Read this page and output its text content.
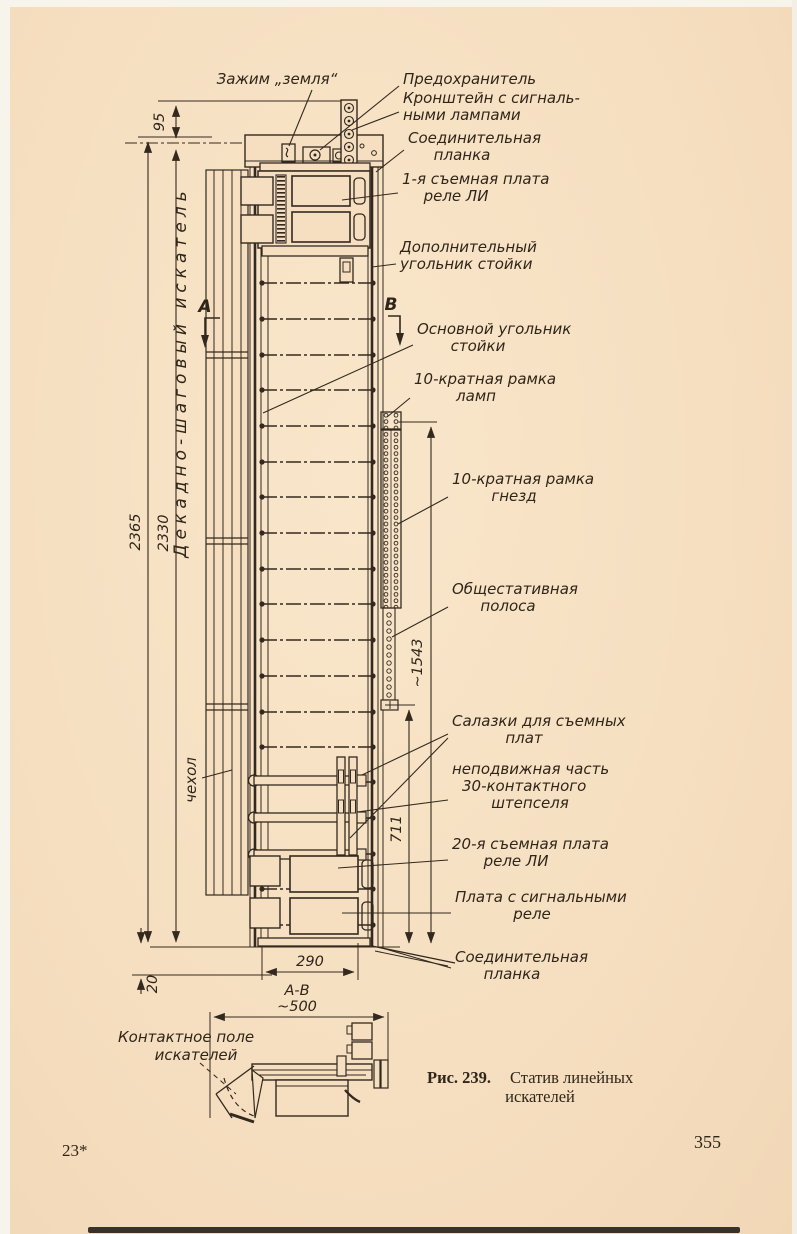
A	B
Зажим „земля“	Предохранитель
Кронштейн с сигналь-
ными лампами
Соединительная
планка
1-я съемная плата
реле ЛИ
Дополнительный
угольник стойки
Основной угольник
стойки
10-кратная рамка
ламп
10-кратная рамка
гнезд
Общестативная
полоса
Салазки для съемных
плат
неподвижная часть
30-контактного
штепселя
20-я съемная плата
реле ЛИ
Плата с сигнальными
реле
Соединительная
планка
Контактное поле
искателей
Декадно-шаговый искатель
чехол
95
2365 2330
20
~1543
711
290
A-B
~500
Рис. 239. Статив линейных
искателей
23*	355
